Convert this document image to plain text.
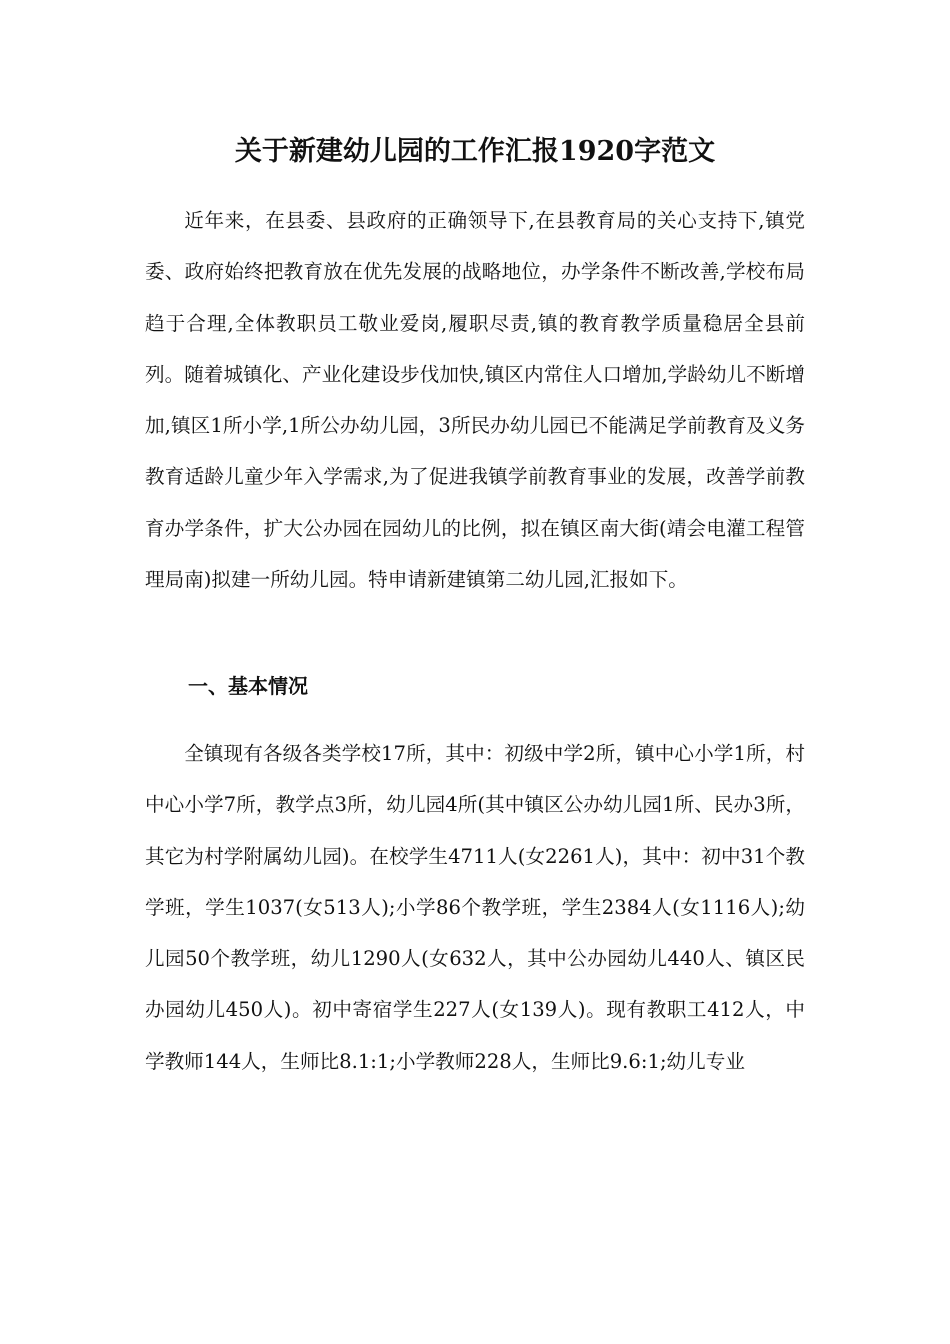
关于新建幼儿园的工作汇报1920字范文

近年来，在县委、县政府的正确领导下,在县教育局的关心支持下,镇党委、政府始终把教育放在优先发展的战略地位，办学条件不断改善,学校布局趋于合理,全体教职员工敬业爱岗,履职尽责,镇的教育教学质量稳居全县前列。随着城镇化、产业化建设步伐加快,镇区内常住人口增加,学龄幼儿不断增加,镇区1所小学,1所公办幼儿园，3所民办幼儿园已不能满足学前教育及义务教育适龄儿童少年入学需求,为了促进我镇学前教育事业的发展，改善学前教育办学条件，扩大公办园在园幼儿的比例，拟在镇区南大街(靖会电灌工程管理局南)拟建一所幼儿园。特申请新建镇第二幼儿园,汇报如下。

一、基本情况

全镇现有各级各类学校17所，其中：初级中学2所，镇中心小学1所，村中心小学7所，教学点3所，幼儿园4所(其中镇区公办幼儿园1所、民办3所，其它为村学附属幼儿园)。在校学生4711人(女2261人)，其中：初中31个教学班，学生1037(女513人);小学86个教学班，学生2384人(女1116人);幼儿园50个教学班，幼儿1290人(女632人，其中公办园幼儿440人、镇区民办园幼儿450人)。初中寄宿学生227人(女139人)。现有教职工412人，中学教师144人，生师比8.1:1;小学教师228人，生师比9.6:1;幼儿专业
